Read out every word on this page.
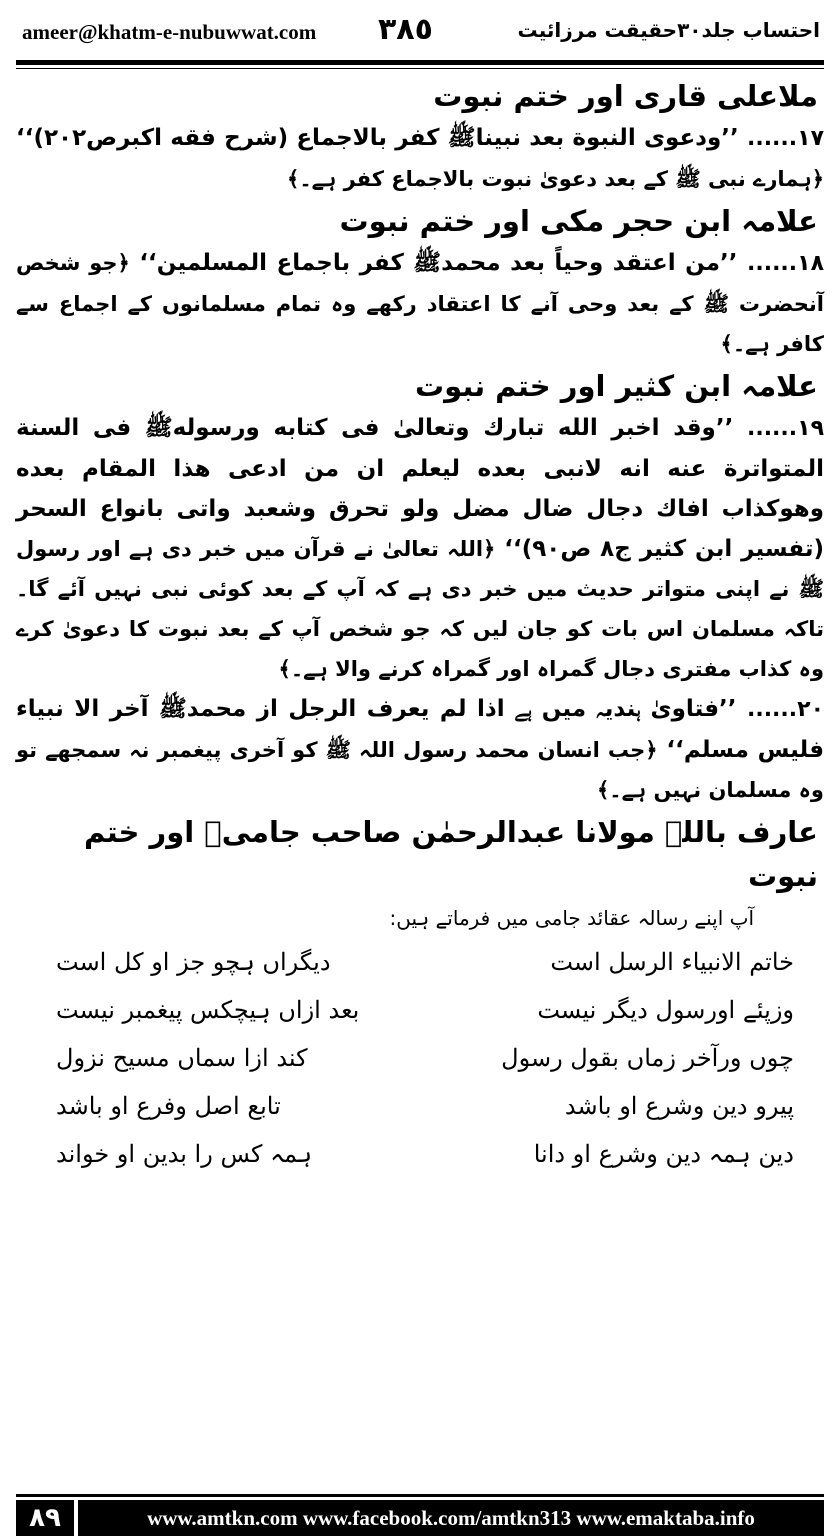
ameer@khatm-e-nubuwwat.com ٣٨٥	احتساب جلد۳۰حقیقت مرزائیت

ملاعلی قاری اور ختم نبوت

١٧...... ’’ودعوی النبوة بعد نبیناﷺ کفر بالاجماع (شرح فقه اکبرص۲۰۲)‘‘ ﴿ہمارے نبی ﷺ کے بعد دعویٰ نبوت بالاجماع کفر ہے۔﴾

علامہ ابن حجر مکی اور ختم نبوت

١٨...... ’’من اعتقد وحیاً بعد محمدﷺ کفر باجماع المسلمین‘‘ ﴿جو شخص آنحضرت ﷺ کے بعد وحی آنے کا اعتقاد رکھے وہ تمام مسلمانوں کے اجماع سے کافر ہے۔﴾

علامہ ابن کثیر اور ختم نبوت

١٩...... ’’وقد اخبر الله تبارك وتعالیٰ فی کتابه ورسولهﷺ فی السنة المتواترة عنه انه لانبی بعده لیعلم ان من ادعی هذا المقام بعده وهوکذاب افاك دجال ضال مضل ولو تحرق وشعبد واتی بانواع السحر (تفسیر ابن کثیر ج۸ ص۹۰)‘‘ ﴿اللہ تعالیٰ نے قرآن میں خبر دی ہے اور رسول ﷺ نے اپنی متواتر حدیث میں خبر دی ہے کہ آپ کے بعد کوئی نبی نہیں آئے گا۔ تاکہ مسلمان اس بات کو جان لیں کہ جو شخص آپ کے بعد نبوت کا دعویٰ کرے وہ کذاب مفتری دجال گمراہ اور گمراہ کرنے والا ہے۔﴾

٢٠...... ’’فتاویٰ ہندیہ میں ہے اذا لم یعرف الرجل از محمدﷺ آخر الا نبیاء فلیس مسلم‘‘ ﴿جب انسان محمد رسول اللہ ﷺ کو آخری پیغمبر نہ سمجھے تو وہ مسلمان نہیں ہے۔﴾

عارف باللہ مولانا عبدالرحمٰن صاحب جامیؒ اور ختم نبوت

آپ اپنے رسالہ عقائد جامی میں فرماتے ہیں:

خاتم الانبیاء الرسل است
دیگراں ہچو جز او کل است
وزپئے اورسول دیگر نیست
بعد ازاں ہیچکس پیغمبر نیست
چوں ورآخر زماں بقول رسول
کند ازا سماں مسیح نزول
پیرو دین وشرع او باشد
تابع اصل وفرع او باشد
دین ہمہ دین وشرع او دانا
ہمہ کس را بدین او خواند
٨٩	www.amtkn.com www.facebook.com/amtkn313 www.emaktaba.info
